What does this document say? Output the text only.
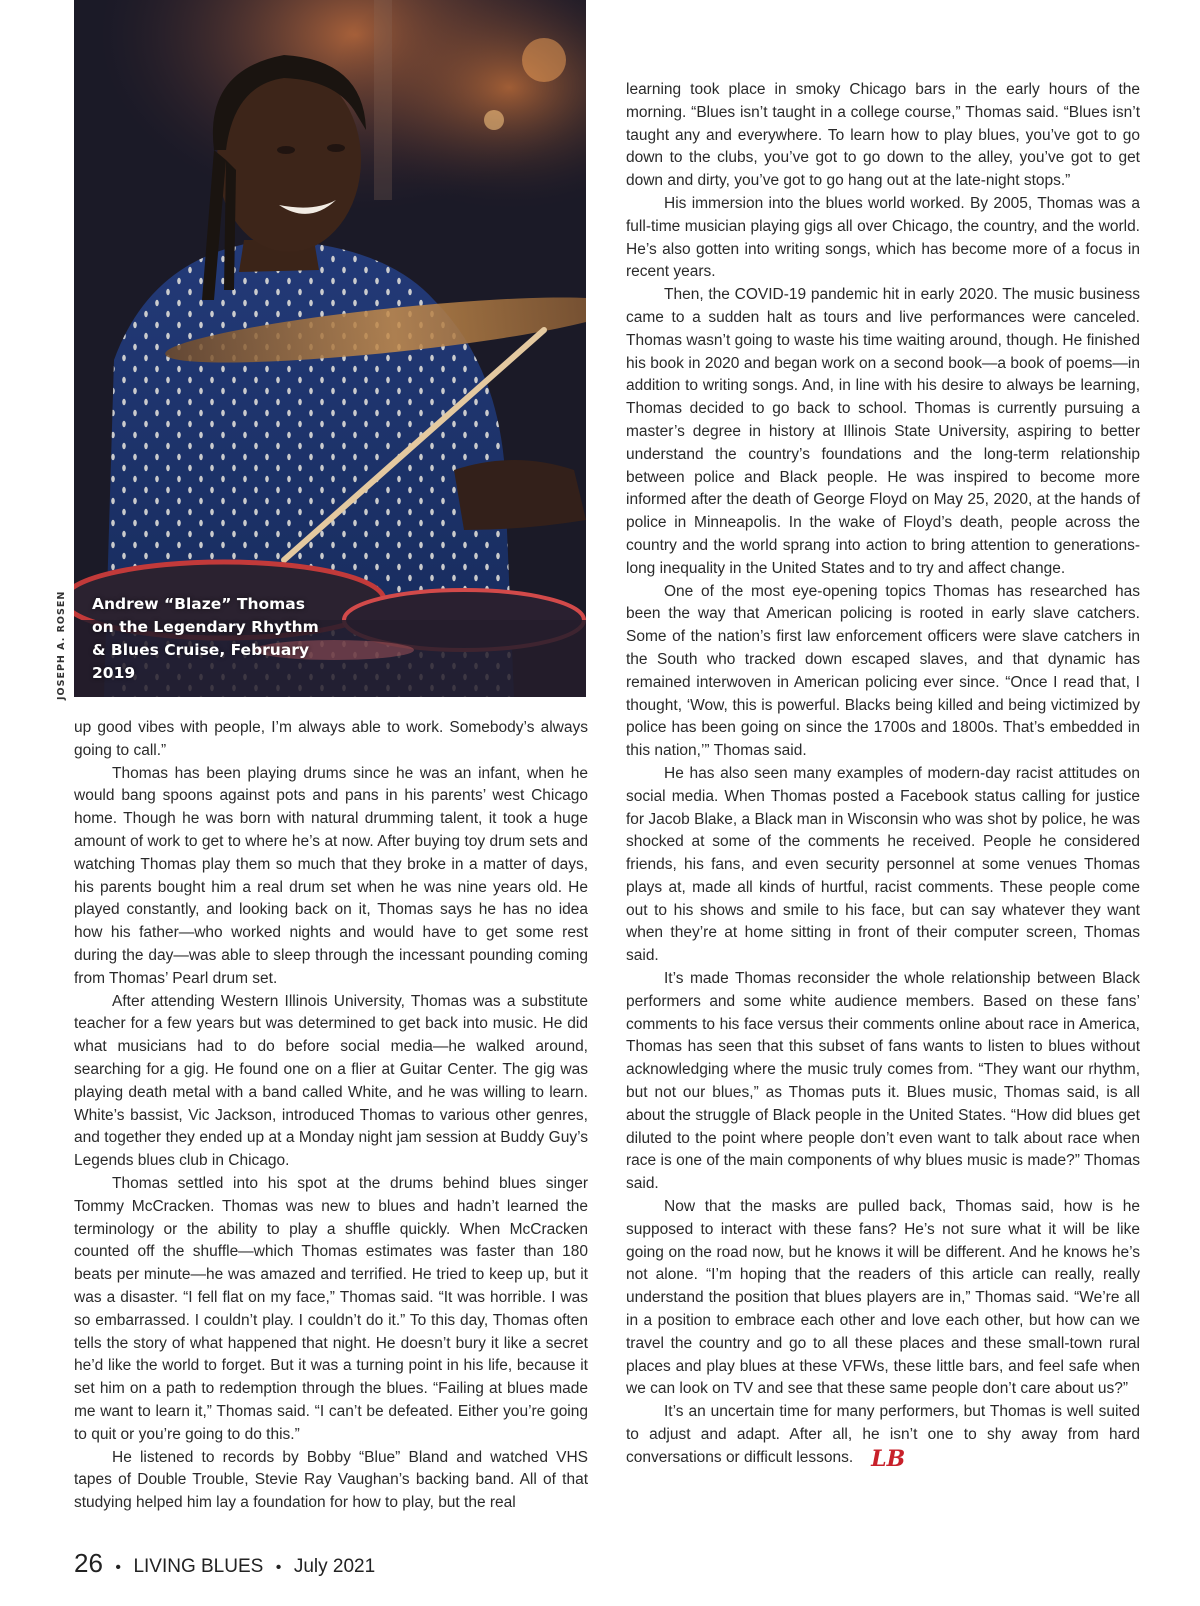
Andrew “Blaze” Thomas on the Legendary Rhythm & Blues Cruise, February 2019
JOSEPH A. ROSEN

up good vibes with people, I’m always able to work. Somebody’s always going to call.”

Thomas has been playing drums since he was an infant, when he would bang spoons against pots and pans in his parents’ west Chicago home. Though he was born with natural drumming talent, it took a huge amount of work to get to where he’s at now. After buying toy drum sets and watching Thomas play them so much that they broke in a matter of days, his parents bought him a real drum set when he was nine years old. He played constantly, and looking back on it, Thomas says he has no idea how his father—who worked nights and would have to get some rest during the day—was able to sleep through the incessant pounding coming from Thomas’ Pearl drum set.

After attending Western Illinois University, Thomas was a substitute teacher for a few years but was determined to get back into music. He did what musicians had to do before social media—he walked around, searching for a gig. He found one on a flier at Guitar Center. The gig was playing death metal with a band called White, and he was willing to learn. White’s bassist, Vic Jackson, introduced Thomas to various other genres, and together they ended up at a Monday night jam session at Buddy Guy’s Legends blues club in Chicago.

Thomas settled into his spot at the drums behind blues singer Tommy McCracken. Thomas was new to blues and hadn’t learned the terminology or the ability to play a shuffle quickly. When McCracken counted off the shuffle—which Thomas estimates was faster than 180 beats per minute—he was amazed and terrified. He tried to keep up, but it was a disaster. “I fell flat on my face,” Thomas said. “It was horrible. I was so embarrassed. I couldn’t play. I couldn’t do it.” To this day, Thomas often tells the story of what happened that night. He doesn’t bury it like a secret he’d like the world to forget. But it was a turning point in his life, because it set him on a path to redemption through the blues. “Failing at blues made me want to learn it,” Thomas said. “I can’t be defeated. Either you’re going to quit or you’re going to do this.”

He listened to records by Bobby “Blue” Bland and watched VHS tapes of Double Trouble, Stevie Ray Vaughan’s backing band. All of that studying helped him lay a foundation for how to play, but the real

learning took place in smoky Chicago bars in the early hours of the morning. “Blues isn’t taught in a college course,” Thomas said. “Blues isn’t taught any and everywhere. To learn how to play blues, you’ve got to go down to the clubs, you’ve got to go down to the alley, you’ve got to get down and dirty, you’ve got to go hang out at the late-night stops.”

His immersion into the blues world worked. By 2005, Thomas was a full-time musician playing gigs all over Chicago, the country, and the world. He’s also gotten into writing songs, which has become more of a focus in recent years.

Then, the COVID-19 pandemic hit in early 2020. The music business came to a sudden halt as tours and live performances were canceled. Thomas wasn’t going to waste his time waiting around, though. He finished his book in 2020 and began work on a second book—a book of poems—in addition to writing songs. And, in line with his desire to always be learning, Thomas decided to go back to school. Thomas is currently pursuing a master’s degree in history at Illinois State University, aspiring to better understand the country’s foundations and the long-term relationship between police and Black people. He was inspired to become more informed after the death of George Floyd on May 25, 2020, at the hands of police in Minneapolis. In the wake of Floyd’s death, people across the country and the world sprang into action to bring attention to generations-long inequality in the United States and to try and affect change.

One of the most eye-opening topics Thomas has researched has been the way that American policing is rooted in early slave catchers. Some of the nation’s first law enforcement officers were slave catchers in the South who tracked down escaped slaves, and that dynamic has remained interwoven in American policing ever since. “Once I read that, I thought, ‘Wow, this is powerful. Blacks being killed and being victimized by police has been going on since the 1700s and 1800s. That’s embedded in this nation,’” Thomas said.

He has also seen many examples of modern-day racist attitudes on social media. When Thomas posted a Facebook status calling for justice for Jacob Blake, a Black man in Wisconsin who was shot by police, he was shocked at some of the comments he received. People he considered friends, his fans, and even security personnel at some venues Thomas plays at, made all kinds of hurtful, racist comments. These people come out to his shows and smile to his face, but can say whatever they want when they’re at home sitting in front of their computer screen, Thomas said.

It’s made Thomas reconsider the whole relationship between Black performers and some white audience members. Based on these fans’ comments to his face versus their comments online about race in America, Thomas has seen that this subset of fans wants to listen to blues without acknowledging where the music truly comes from. “They want our rhythm, but not our blues,” as Thomas puts it. Blues music, Thomas said, is all about the struggle of Black people in the United States. “How did blues get diluted to the point where people don’t even want to talk about race when race is one of the main components of why blues music is made?” Thomas said.

Now that the masks are pulled back, Thomas said, how is he supposed to interact with these fans? He’s not sure what it will be like going on the road now, but he knows it will be different. And he knows he’s not alone. “I’m hoping that the readers of this article can really, really understand the position that blues players are in,” Thomas said. “We’re all in a position to embrace each other and love each other, but how can we travel the country and go to all these places and these small-town rural places and play blues at these VFWs, these little bars, and feel safe when we can look on TV and see that these same people don’t care about us?”

It’s an uncertain time for many performers, but Thomas is well suited to adjust and adapt. After all, he isn’t one to shy away from hard conversations or difficult lessons. LB

26 • LIVING BLUES • July 2021
